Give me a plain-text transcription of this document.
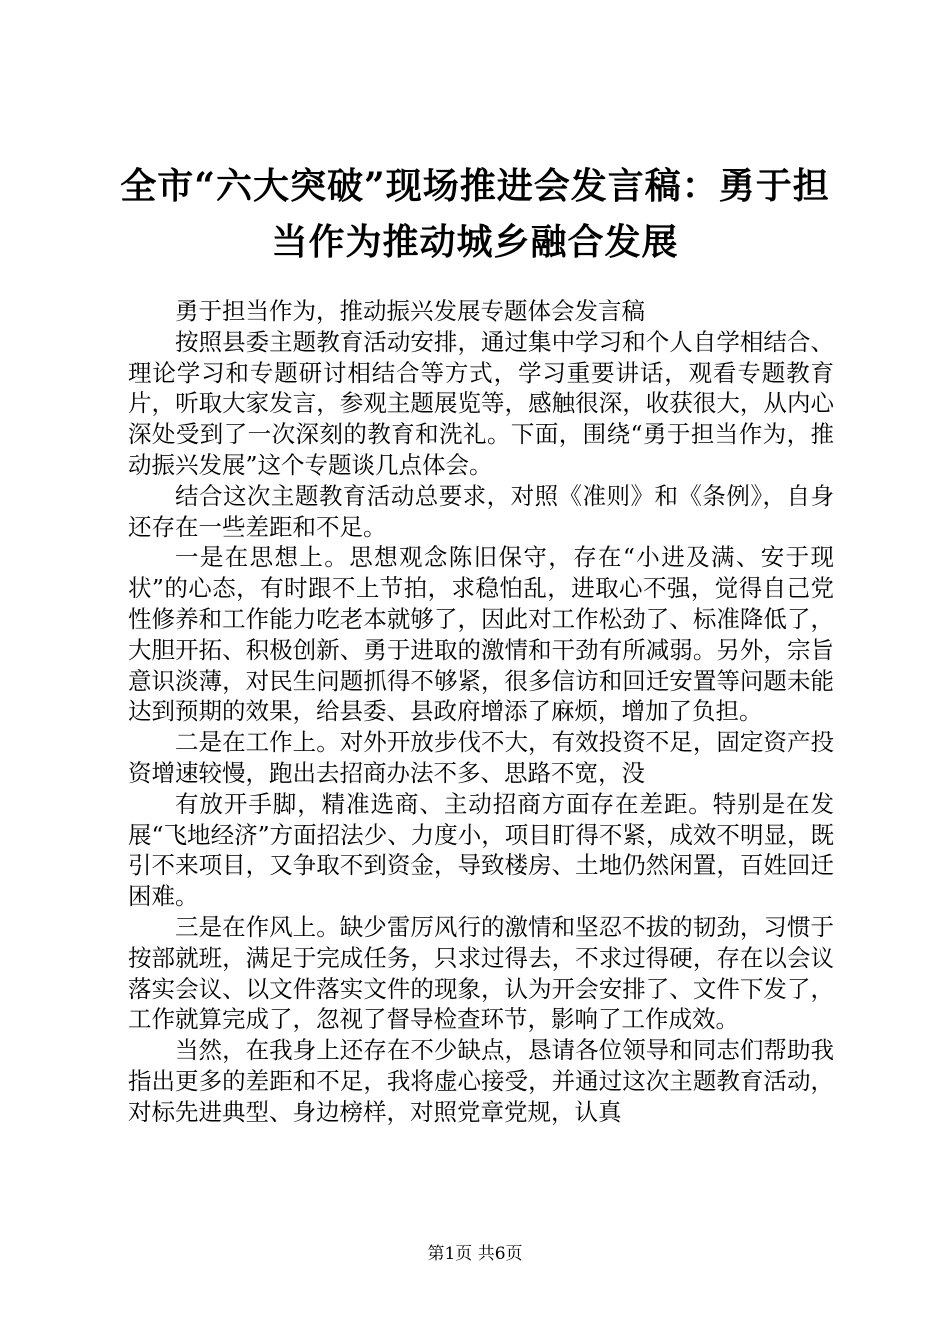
全市“六大突破”现场推进会发言稿：勇于担当作为推动城乡融合发展

勇于担当作为，推动振兴发展专题体会发言稿

按照县委主题教育活动安排，通过集中学习和个人自学相结合、理论学习和专题研讨相结合等方式，学习重要讲话，观看专题教育片，听取大家发言，参观主题展览等，感触很深，收获很大，从内心深处受到了一次深刻的教育和洗礼。下面，围绕“勇于担当作为，推动振兴发展”这个专题谈几点体会。

结合这次主题教育活动总要求，对照《准则》和《条例》，自身还存在一些差距和不足。

一是在思想上。思想观念陈旧保守，存在“小进及满、安于现状”的心态，有时跟不上节拍，求稳怕乱，进取心不强，觉得自己党性修养和工作能力吃老本就够了，因此对工作松劲了、标准降低了，大胆开拓、积极创新、勇于进取的激情和干劲有所减弱。另外，宗旨意识淡薄，对民生问题抓得不够紧，很多信访和回迁安置等问题未能达到预期的效果，给县委、县政府增添了麻烦，增加了负担。

二是在工作上。对外开放步伐不大，有效投资不足，固定资产投资增速较慢，跑出去招商办法不多、思路不宽，没

有放开手脚，精准选商、主动招商方面存在差距。特别是在发展“飞地经济”方面招法少、力度小，项目盯得不紧，成效不明显，既引不来项目，又争取不到资金，导致楼房、土地仍然闲置，百姓回迁困难。

三是在作风上。缺少雷厉风行的激情和坚忍不拔的韧劲，习惯于按部就班，满足于完成任务，只求过得去，不求过得硬，存在以会议落实会议、以文件落实文件的现象，认为开会安排了、文件下发了，工作就算完成了，忽视了督导检查环节，影响了工作成效。

当然，在我身上还存在不少缺点，恳请各位领导和同志们帮助我指出更多的差距和不足，我将虚心接受，并通过这次主题教育活动，对标先进典型、身边榜样，对照党章党规，认真

第1页 共6页
